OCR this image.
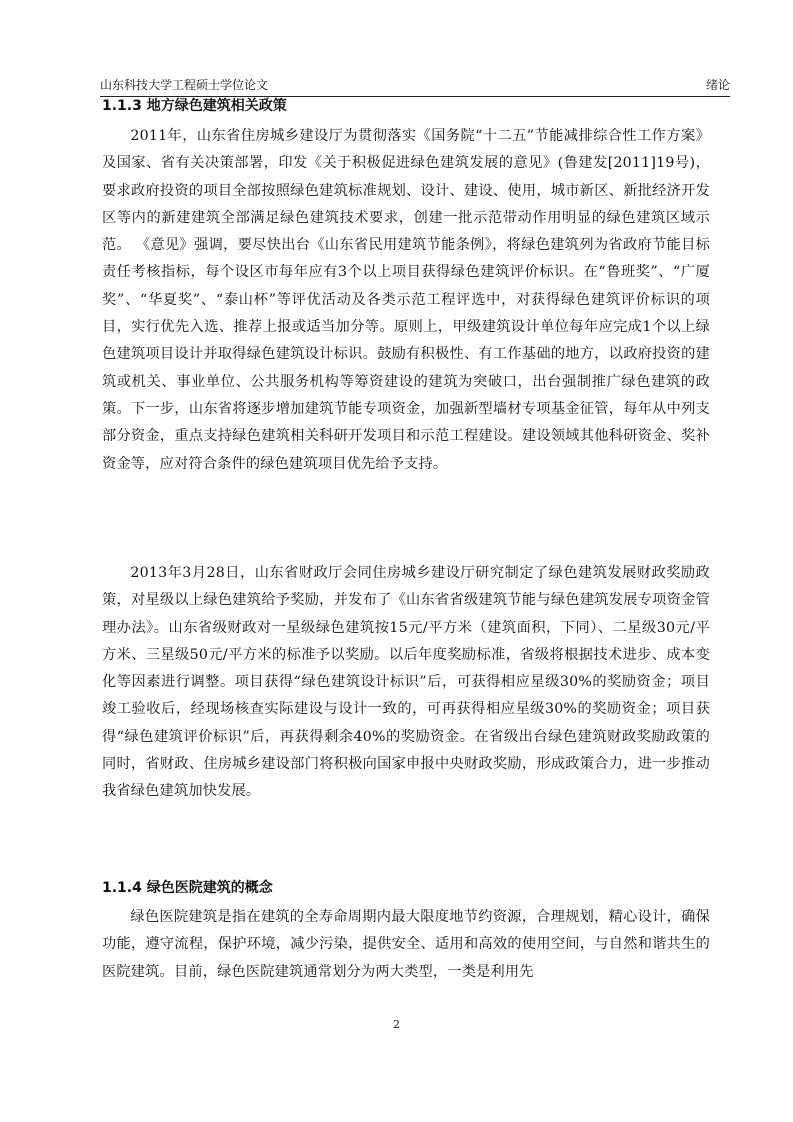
山东科技大学工程硕士学位论文	绪论
1.1.3 地方绿色建筑相关政策

2011年，山东省住房城乡建设厅为贯彻落实《国务院“十二五”节能减排综合性工作方案》及国家、省有关决策部署，印发《关于积极促进绿色建筑发展的意见》(鲁建发[2011]19号)，要求政府投资的项目全部按照绿色建筑标准规划、设计、建设、使用，城市新区、新批经济开发区等内的新建建筑全部满足绿色建筑技术要求，创建一批示范带动作用明显的绿色建筑区域示范。 《意见》强调，要尽快出台《山东省民用建筑节能条例》，将绿色建筑列为省政府节能目标责任考核指标，每个设区市每年应有3个以上项目获得绿色建筑评价标识。在“鲁班奖”、“广厦奖”、“华夏奖”、“泰山杯”等评优活动及各类示范工程评选中，对获得绿色建筑评价标识的项目，实行优先入选、推荐上报或适当加分等。原则上，甲级建筑设计单位每年应完成1个以上绿色建筑项目设计并取得绿色建筑设计标识。鼓励有积极性、有工作基础的地方，以政府投资的建筑或机关、事业单位、公共服务机构等筹资建设的建筑为突破口，出台强制推广绿色建筑的政策。下一步，山东省将逐步增加建筑节能专项资金，加强新型墙材专项基金征管，每年从中列支部分资金，重点支持绿色建筑相关科研开发项目和示范工程建设。建设领域其他科研资金、奖补资金等，应对符合条件的绿色建筑项目优先给予支持。

2013年3月28日，山东省财政厅会同住房城乡建设厅研究制定了绿色建筑发展财政奖励政策，对星级以上绿色建筑给予奖励，并发布了《山东省省级建筑节能与绿色建筑发展专项资金管理办法》。山东省级财政对一星级绿色建筑按15元/平方米（建筑面积，下同）、二星级30元/平方米、三星级50元/平方米的标准予以奖励。以后年度奖励标准，省级将根据技术进步、成本变化等因素进行调整。项目获得“绿色建筑设计标识”后，可获得相应星级30%的奖励资金；项目竣工验收后，经现场核查实际建设与设计一致的，可再获得相应星级30%的奖励资金；项目获得“绿色建筑评价标识”后，再获得剩余40%的奖励资金。在省级出台绿色建筑财政奖励政策的同时，省财政、住房城乡建设部门将积极向国家申报中央财政奖励，形成政策合力，进一步推动我省绿色建筑加快发展。

1.1.4 绿色医院建筑的概念

绿色医院建筑是指在建筑的全寿命周期内最大限度地节约资源，合理规划，精心设计，确保功能，遵守流程，保护环境，减少污染，提供安全、适用和高效的使用空间，与自然和谐共生的医院建筑。目前，绿色医院建筑通常划分为两大类型，一类是利用先

2
